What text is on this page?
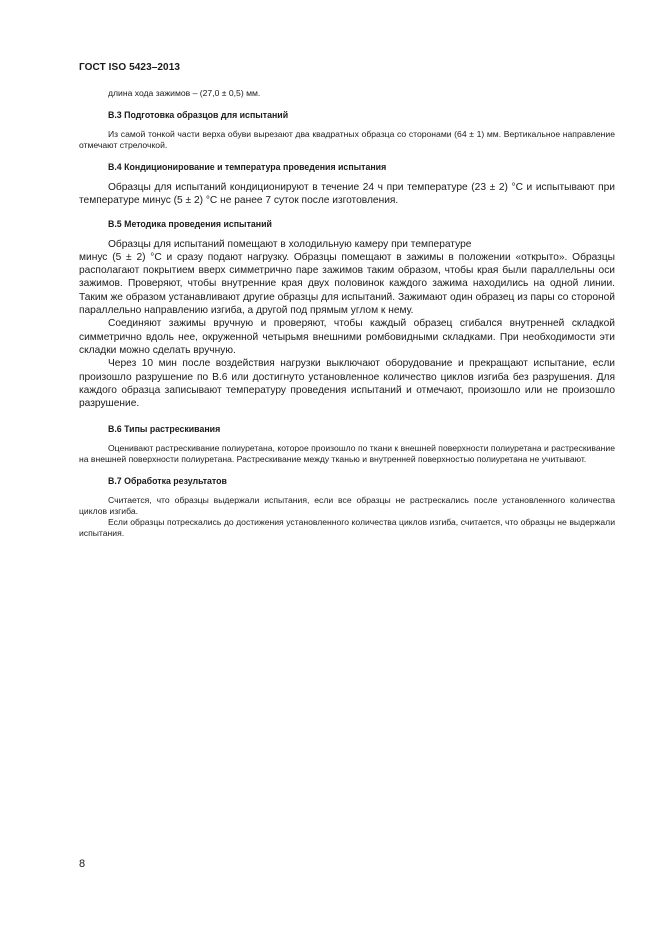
ГОСТ ISO 5423–2013

длина хода зажимов – (27,0 ± 0,5) мм.

В.3 Подготовка образцов для испытаний

Из самой тонкой части верха обуви вырезают два квадратных образца со сторонами (64 ± 1) мм. Вертикальное направление отмечают стрелочкой.

В.4 Кондиционирование и температура проведения испытания

Образцы для испытаний кондиционируют в течение 24 ч при температуре (23 ± 2) °С и испытывают при температуре минус (5 ± 2) °С не ранее 7 суток после изготовления.

В.5 Методика проведения испытаний

Образцы для испытаний помещают в холодильную камеру при температуре

минус (5 ± 2) °С и сразу подают нагрузку. Образцы помещают в зажимы в положении «открыто». Образцы располагают покрытием вверх симметрично паре зажимов таким образом, чтобы края были параллельны оси зажимов. Проверяют, чтобы внутренние края двух половинок каждого зажима находились на одной линии. Таким же образом устанавливают другие образцы для испытаний. Зажимают один образец из пары со стороной параллельно направлению изгиба, а другой под прямым углом к нему.

Соединяют зажимы вручную и проверяют, чтобы каждый образец сгибался внутренней складкой симметрично вдоль нее, окруженной четырьмя внешними ромбовидными складками. При необходимости эти складки можно сделать вручную.

Через 10 мин после воздействия нагрузки выключают оборудование и прекращают испытание, если произошло разрушение по В.6 или достигнуто установленное количество циклов изгиба без разрушения. Для каждого образца записывают температуру проведения испытаний и отмечают, произошло или не произошло разрушение.

В.6 Типы растрескивания

Оценивают растрескивание полиуретана, которое произошло по ткани к внешней поверхности полиуретана и растрескивание на внешней поверхности полиуретана. Растрескивание между тканью и внутренней поверхностью полиуретана не учитывают.

В.7 Обработка результатов

Считается, что образцы выдержали испытания, если все образцы не растрескались после установленного количества циклов изгиба.

Если образцы потрескались до достижения установленного количества циклов изгиба, считается, что образцы не выдержали испытания.

8
